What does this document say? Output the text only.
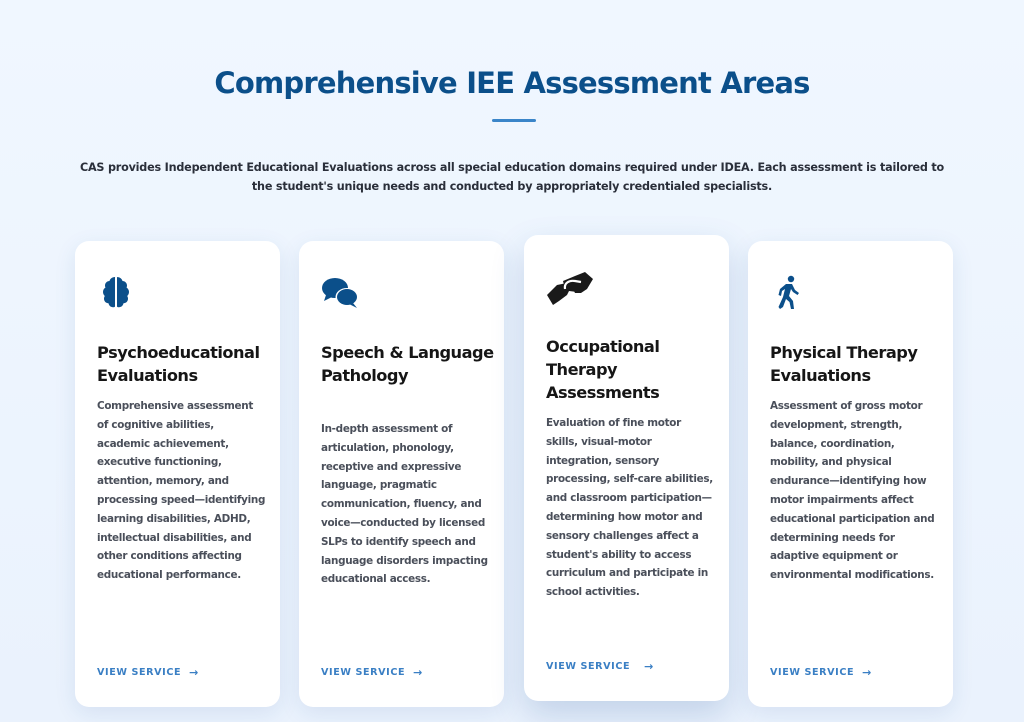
Comprehensive IEE Assessment Areas

CAS provides Independent Educational Evaluations across all special education domains required under IDEA. Each assessment is tailored to the student's unique needs and conducted by appropriately credentialed specialists.

Psychoeducational Evaluations

Comprehensive assessment of cognitive abilities, academic achievement, executive functioning, attention, memory, and processing speed—identifying learning disabilities, ADHD, intellectual disabilities, and other conditions affecting educational performance.

VIEW SERVICE →
Speech & Language Pathology

In-depth assessment of articulation, phonology, receptive and expressive language, pragmatic communication, fluency, and voice—conducted by licensed SLPs to identify speech and language disorders impacting educational access.

VIEW SERVICE →
Occupational Therapy Assessments

Evaluation of fine motor skills, visual-motor integration, sensory processing, self-care abilities, and classroom participation—determining how motor and sensory challenges affect a student's ability to access curriculum and participate in school activities.

VIEW SERVICE →
Physical Therapy Evaluations

Assessment of gross motor development, strength, balance, coordination, mobility, and physical endurance—identifying how motor impairments affect educational participation and determining needs for adaptive equipment or environmental modifications.

VIEW SERVICE →
